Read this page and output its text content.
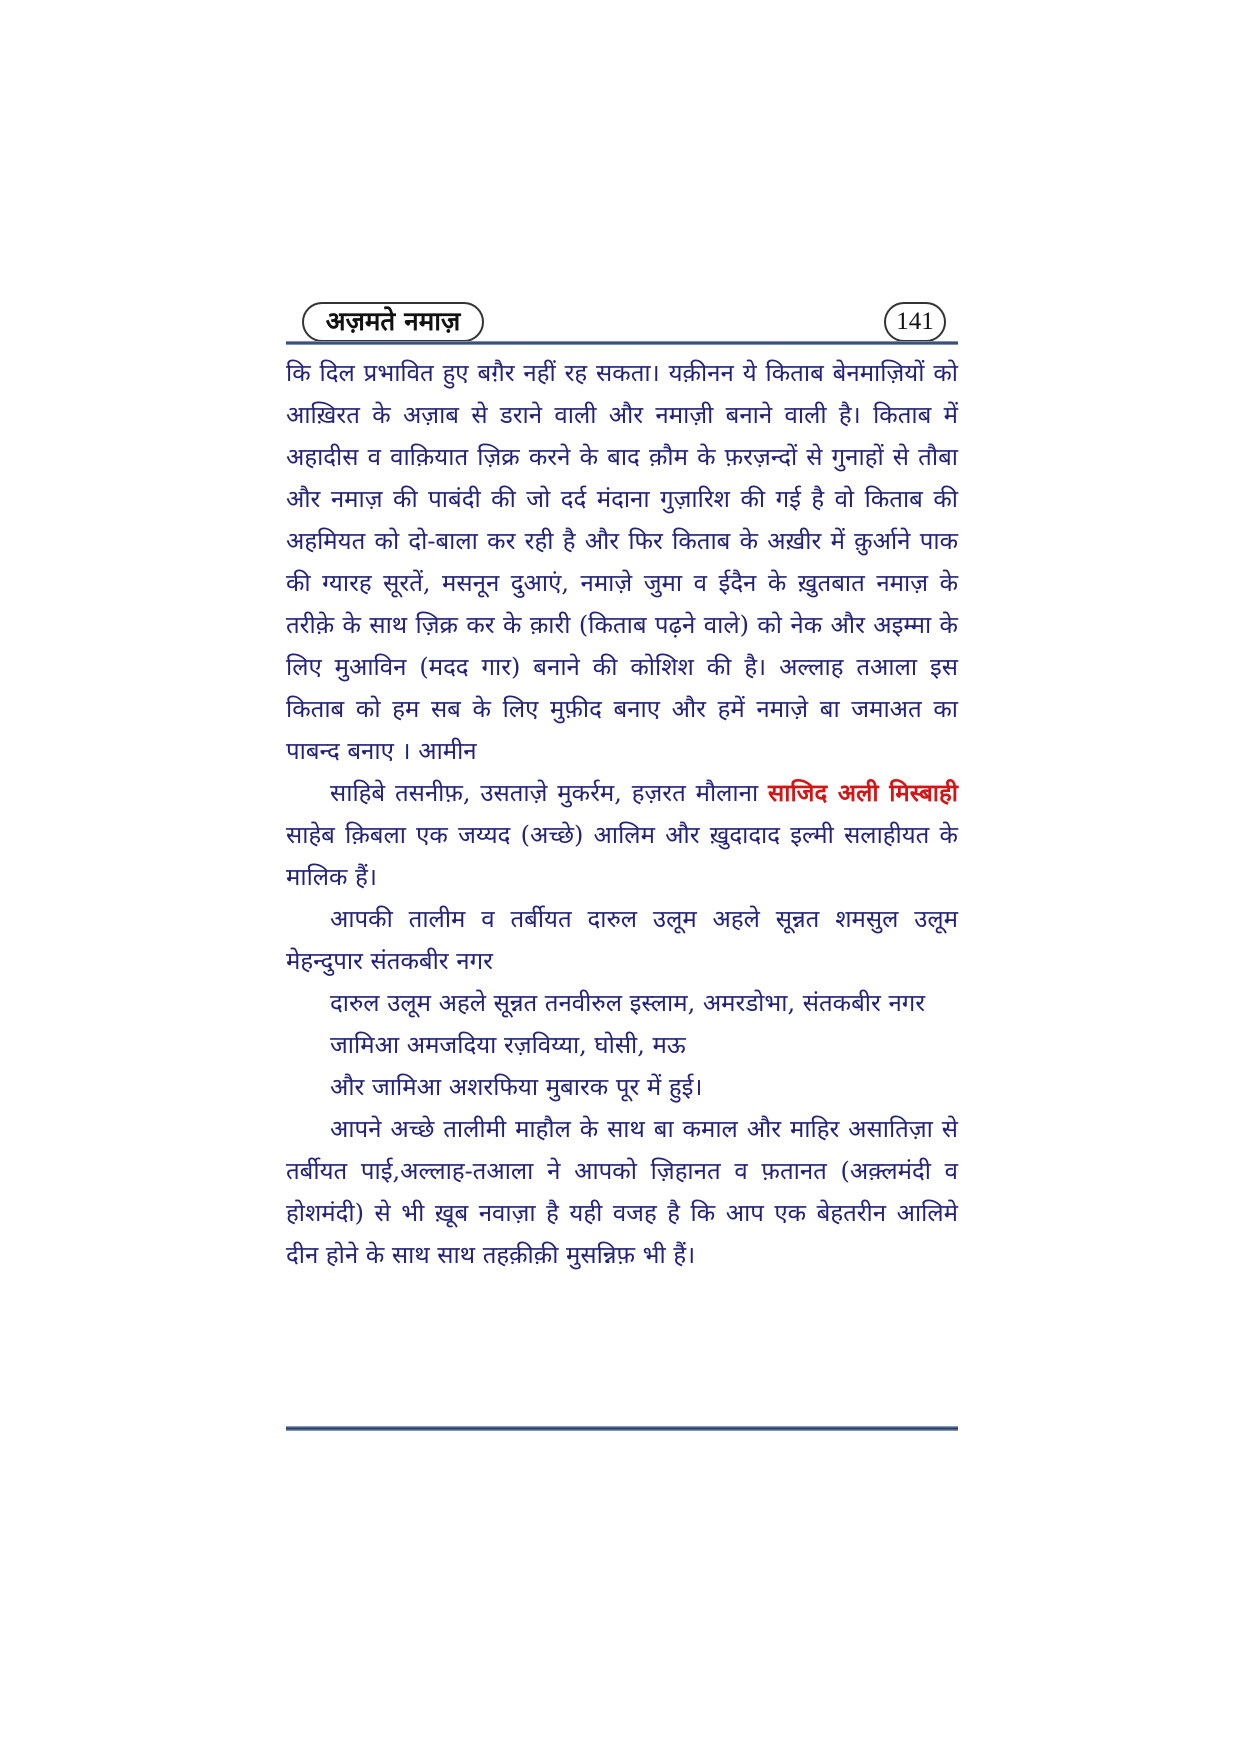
अज़मते नमाज़	141

कि दिल प्रभावित हुए बग़ैर नहीं रह सकता। यक़ीनन ये किताब बेनमाज़ियों को आख़िरत के अज़ाब से डराने वाली और नमाज़ी बनाने वाली है। किताब में अहादीस व वाक़ियात ज़िक्र करने के बाद क़ौम के फ़रज़न्दों से गुनाहों से तौबा और नमाज़ की पाबंदी की जो दर्द मंदाना गुज़ारिश की गई है वो किताब की अहमियत को दो-बाला कर रही है और फिर किताब के अख़ीर में क़ुर्आने पाक की ग्यारह सूरतें, मसनून दुआएं, नमाज़े जुमा व ईदैन के ख़ुतबात नमाज़ के तरीक़े के साथ ज़िक्र कर के क़ारी (किताब पढ़ने वाले) को नेक और अइम्मा के लिए मुआविन (मदद गार) बनाने की कोशिश की है। अल्लाह तआला इस किताब को हम सब के लिए मुफ़ीद बनाए और हमें नमाज़े बा जमाअत का पाबन्द बनाए । आमीन

साहिबे तसनीफ़, उसताज़े मुकर्रम, हज़रत मौलाना साजिद अली मिस्बाही साहेब क़िबला एक जय्यद (अच्छे) आलिम और ख़ुदादाद इल्मी सलाहीयत के मालिक हैं।

आपकी तालीम व तर्बीयत दारुल उलूम अहले सून्नत शमसुल उलूम मेहन्दुपार संतकबीर नगर

दारुल उलूम अहले सून्नत तनवीरुल इस्लाम, अमरडोभा, संतकबीर नगर

जामिआ अमजदिया रज़विय्या, घोसी, मऊ

और जामिआ अशरफिया मुबारक पूर में हुई।

आपने अच्छे तालीमी माहौल के साथ बा कमाल और माहिर असातिज़ा से तर्बीयत पाई,अल्लाह-तआला ने आपको ज़िहानत व फ़तानत (अक़्लमंदी व होशमंदी) से भी ख़ूब नवाज़ा है यही वजह है कि आप एक बेहतरीन आलिमे दीन होने के साथ साथ तहक़ीक़ी मुसन्निफ़ भी हैं।
